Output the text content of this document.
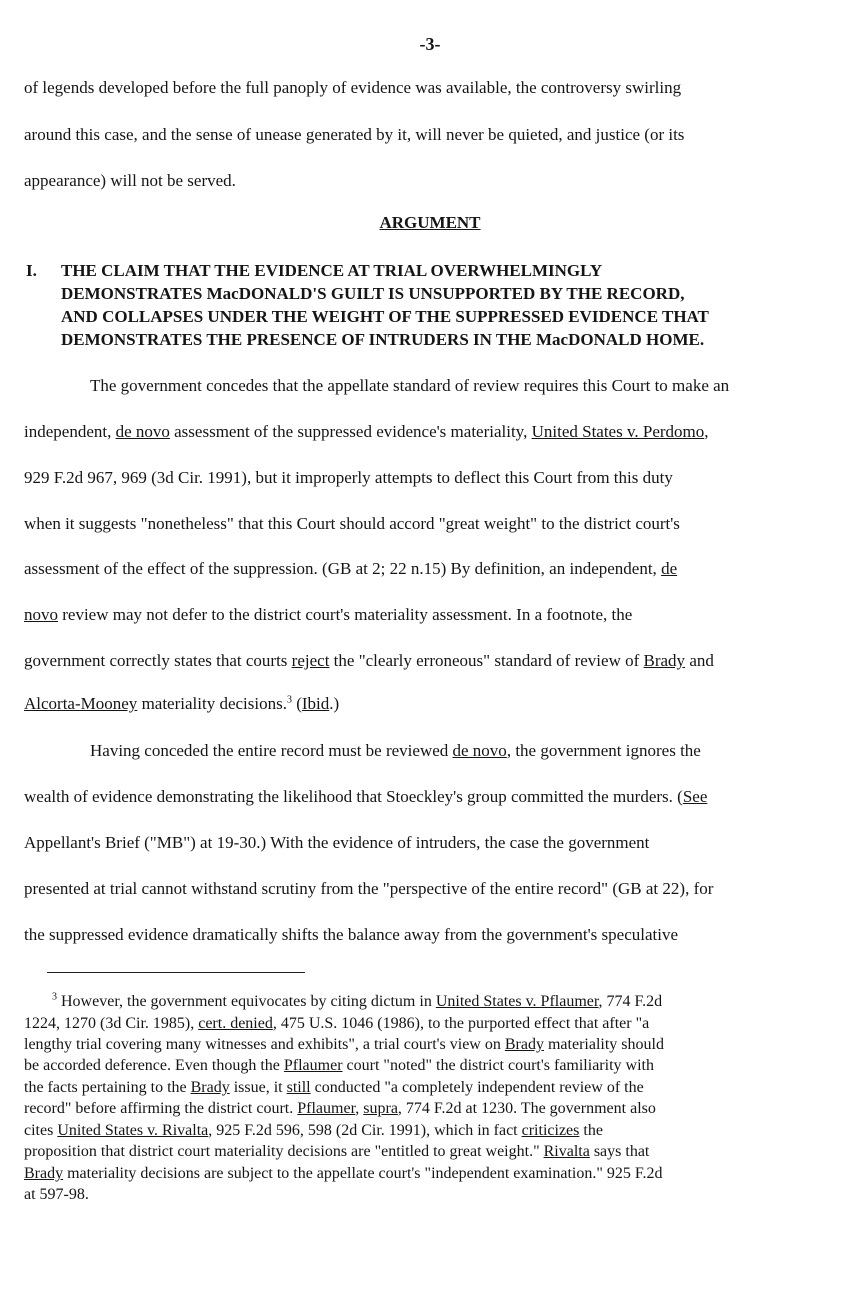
-3-
of legends developed before the full panoply of evidence was available, the controversy swirling
around this case, and the sense of unease generated by it, will never be quieted, and justice (or its
appearance) will not be served.
ARGUMENT
I. THE CLAIM THAT THE EVIDENCE AT TRIAL OVERWHELMINGLY
DEMONSTRATES MacDONALD'S GUILT IS UNSUPPORTED BY THE RECORD,
AND COLLAPSES UNDER THE WEIGHT OF THE SUPPRESSED EVIDENCE THAT
DEMONSTRATES THE PRESENCE OF INTRUDERS IN THE MacDONALD HOME.
The government concedes that the appellate standard of review requires this Court to make an
independent, de novo assessment of the suppressed evidence's materiality, United States v. Perdomo,
929 F.2d 967, 969 (3d Cir. 1991), but it improperly attempts to deflect this Court from this duty
when it suggests "nonetheless" that this Court should accord "great weight" to the district court's
assessment of the effect of the suppression. (GB at 2; 22 n.15) By definition, an independent, de
novo review may not defer to the district court's materiality assessment. In a footnote, the
government correctly states that courts reject the "clearly erroneous" standard of review of Brady and
Alcorta-Mooney materiality decisions.$^3$ (Ibid.)
Having conceded the entire record must be reviewed de novo, the government ignores the
wealth of evidence demonstrating the likelihood that Stoeckley's group committed the murders. (See
Appellant's Brief ("MB") at 19-30.) With the evidence of intruders, the case the government
presented at trial cannot withstand scrutiny from the "perspective of the entire record" (GB at 22), for
the suppressed evidence dramatically shifts the balance away from the government's speculative
$^3$ However, the government equivocates by citing dictum in United States v. Pflaumer, 774 F.2d
1224, 1270 (3d Cir. 1985), cert. denied, 475 U.S. 1046 (1986), to the purported effect that after "a
lengthy trial covering many witnesses and exhibits", a trial court's view on Brady materiality should
be accorded deference. Even though the Pflaumer court "noted" the district court's familiarity with
the facts pertaining to the Brady issue, it still conducted "a completely independent review of the
record" before affirming the district court. Pflaumer, supra, 774 F.2d at 1230. The government also
cites United States v. Rivalta, 925 F.2d 596, 598 (2d Cir. 1991), which in fact criticizes the
proposition that district court materiality decisions are "entitled to great weight." Rivalta says that
Brady materiality decisions are subject to the appellate court's "independent examination." 925 F.2d
at 597-98.
